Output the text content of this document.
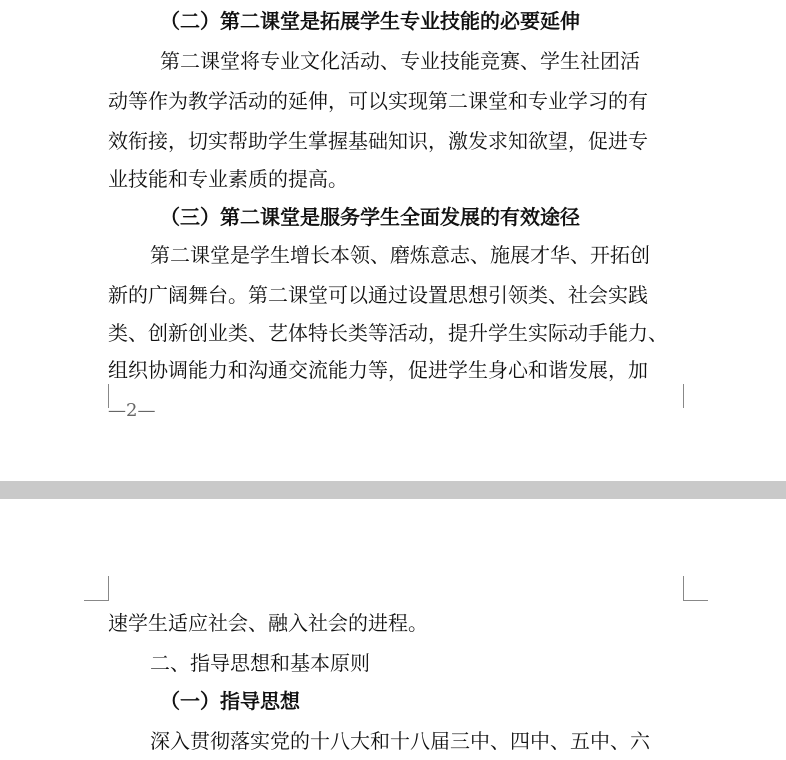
（二）第二课堂是拓展学生专业技能的必要延伸
第二课堂将专业文化活动、专业技能竞赛、学生社团活
动等作为教学活动的延伸，可以实现第二课堂和专业学习的有
效衔接，切实帮助学生掌握基础知识，激发求知欲望，促进专
业技能和专业素质的提高。
（三）第二课堂是服务学生全面发展的有效途径
第二课堂是学生增长本领、磨炼意志、施展才华、开拓创
新的广阔舞台。第二课堂可以通过设置思想引领类、社会实践
类、创新创业类、艺体特长类等活动，提升学生实际动手能力、
组织协调能力和沟通交流能力等，促进学生身心和谐发展，加
—2—
速学生适应社会、融入社会的进程。
二、指导思想和基本原则
（一）指导思想
深入贯彻落实党的十八大和十八届三中、四中、五中、六
